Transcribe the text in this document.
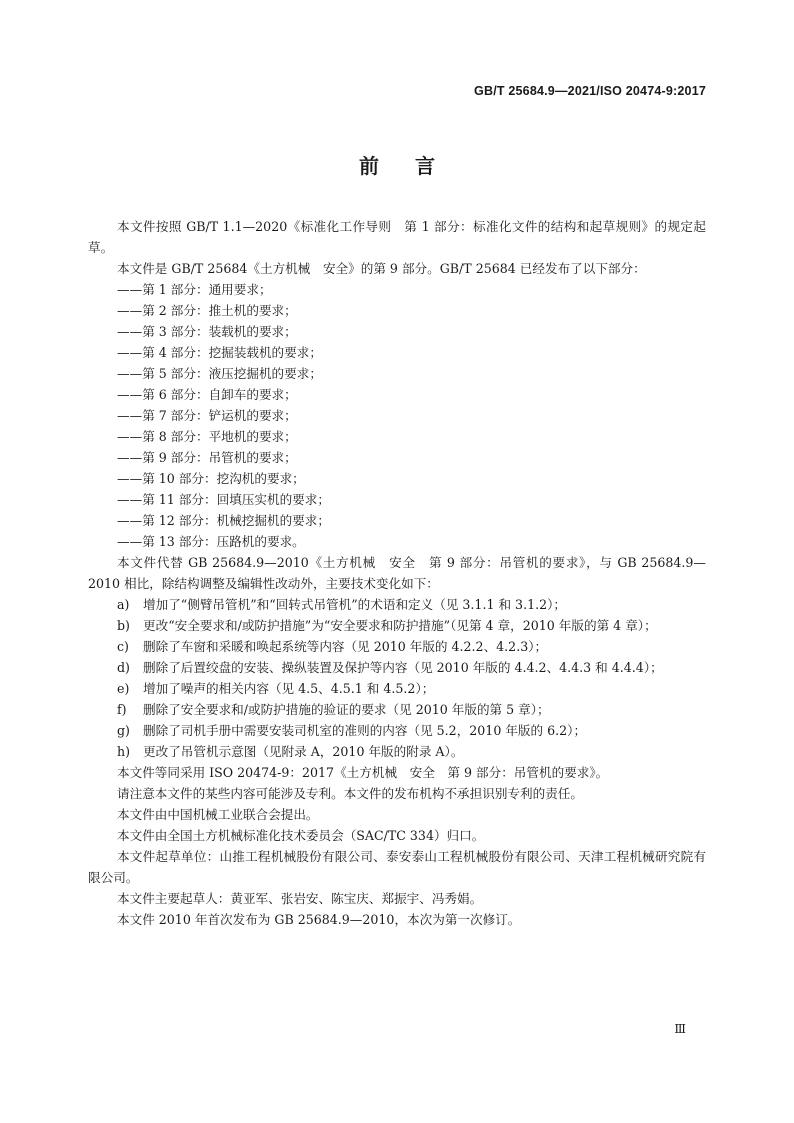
GB/T 25684.9—2021/ISO 20474-9:2017
前言

本文件按照 GB/T 1.1—2020《标准化工作导则　第 1 部分：标准化文件的结构和起草规则》的规定起草。

本文件是 GB/T 25684《土方机械　安全》的第 9 部分。GB/T 25684 已经发布了以下部分：

——第 1 部分：通用要求；

——第 2 部分：推土机的要求；

——第 3 部分：装载机的要求；

——第 4 部分：挖掘装载机的要求；

——第 5 部分：液压挖掘机的要求；

——第 6 部分：自卸车的要求；

——第 7 部分：铲运机的要求；

——第 8 部分：平地机的要求；

——第 9 部分：吊管机的要求；

——第 10 部分：挖沟机的要求；

——第 11 部分：回填压实机的要求；

——第 12 部分：机械挖掘机的要求；

——第 13 部分：压路机的要求。

本文件代替 GB 25684.9—2010《土方机械　安全　第 9 部分：吊管机的要求》，与 GB 25684.9—2010 相比，除结构调整及编辑性改动外，主要技术变化如下：

a)	增加了“侧臂吊管机”和“回转式吊管机”的术语和定义（见 3.1.1 和 3.1.2）；
b)	更改“安全要求和/或防护措施”为“安全要求和防护措施”（见第 4 章，2010 年版的第 4 章）；
c)	删除了车窗和采暖和唤起系统等内容（见 2010 年版的 4.2.2、4.2.3）；
d)	删除了后置绞盘的安装、操纵装置及保护等内容（见 2010 年版的 4.4.2、4.4.3 和 4.4.4）；
e)	增加了噪声的相关内容（见 4.5、4.5.1 和 4.5.2）；
f)	删除了安全要求和/或防护措施的验证的要求（见 2010 年版的第 5 章）；
g)	删除了司机手册中需要安装司机室的准则的内容（见 5.2，2010 年版的 6.2）；
h)	更改了吊管机示意图（见附录 A，2010 年版的附录 A）。

本文件等同采用 ISO 20474-9：2017《土方机械　安全　第 9 部分：吊管机的要求》。

请注意本文件的某些内容可能涉及专利。本文件的发布机构不承担识别专利的责任。

本文件由中国机械工业联合会提出。

本文件由全国土方机械标准化技术委员会（SAC/TC 334）归口。

本文件起草单位：山推工程机械股份有限公司、泰安泰山工程机械股份有限公司、天津工程机械研究院有限公司。

本文件主要起草人：黄亚军、张岩安、陈宝庆、郑振宇、冯秀娟。

本文件 2010 年首次发布为 GB 25684.9—2010，本次为第一次修订。

Ⅲ
